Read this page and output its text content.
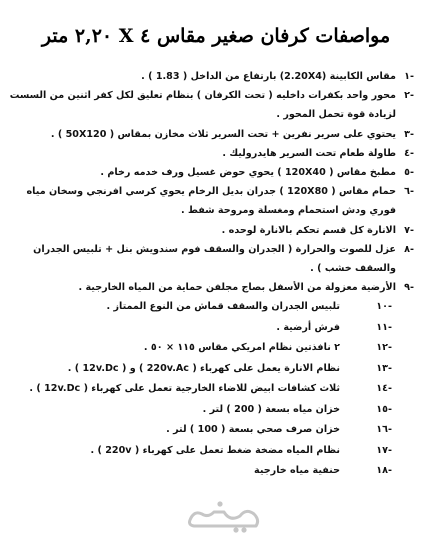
مواصفات كرفان صغير مقاس ٤ X ٢,٢٠ متر
-١
مقاس الكابينة (2.20X4) بارتفاع من الداخل ( 1.83 ) .
-٢
محور واحد بكفرات داخليه ( تحت الكرفان ) بنظام تعليق لكل كفر اثنين من السست لزيادة قوة تحمل المحور .
-٣
يحتوي على سرير نفرين + تحت السرير ثلاث مخازن بمقاس ( 50X120 ) .
-٤
طاولة طعام تحت السرير هايدروليك .
-٥
مطبخ مقاس ( 120X40 ) يحوي حوض غسيل ورف خدمه رخام .
-٦
حمام مقاس ( 120X80 ) جدران بديل الرخام يحوي كرسي افرنجي وسخان مياه فوري ودش استحمام ومغسلة ومروحة شفط .
-٧
الانارة كل قسم تحكم بالانارة لوحده .
-٨
عزل للصوت والحرارة ( الجدران والسقف فوم سندويش بنل + تلبيس الجدران والسقف خشب ) .
-٩
الأرضية معزولة من الأسفل بصاج مجلفن حماية من المياه الخارجية .
-١٠
تلبيس الجدران والسقف قماش من النوع الممتاز .
-١١
فرش أرضية .
-١٢
٢ نافذتين نظام امريكي مقاس ١١٥ × ٥٠ .
-١٣
نظام الانارة يعمل على كهرباء ( 220v.Ac ) و ( 12v.Dc ) .
-١٤
ثلاث كشافات ابيض للاضاء الخارجية تعمل على كهرباء ( 12v.Dc ) .
-١٥
خزان مياه بسعة ( 200 ) لتر .
-١٦
خزان صرف صحي بسعة ( 100 ) لتر .
-١٧
نظام المياه مضخة ضغط تعمل على كهرباء ( 220v ) .
-١٨
حنفية مياه خارجية
